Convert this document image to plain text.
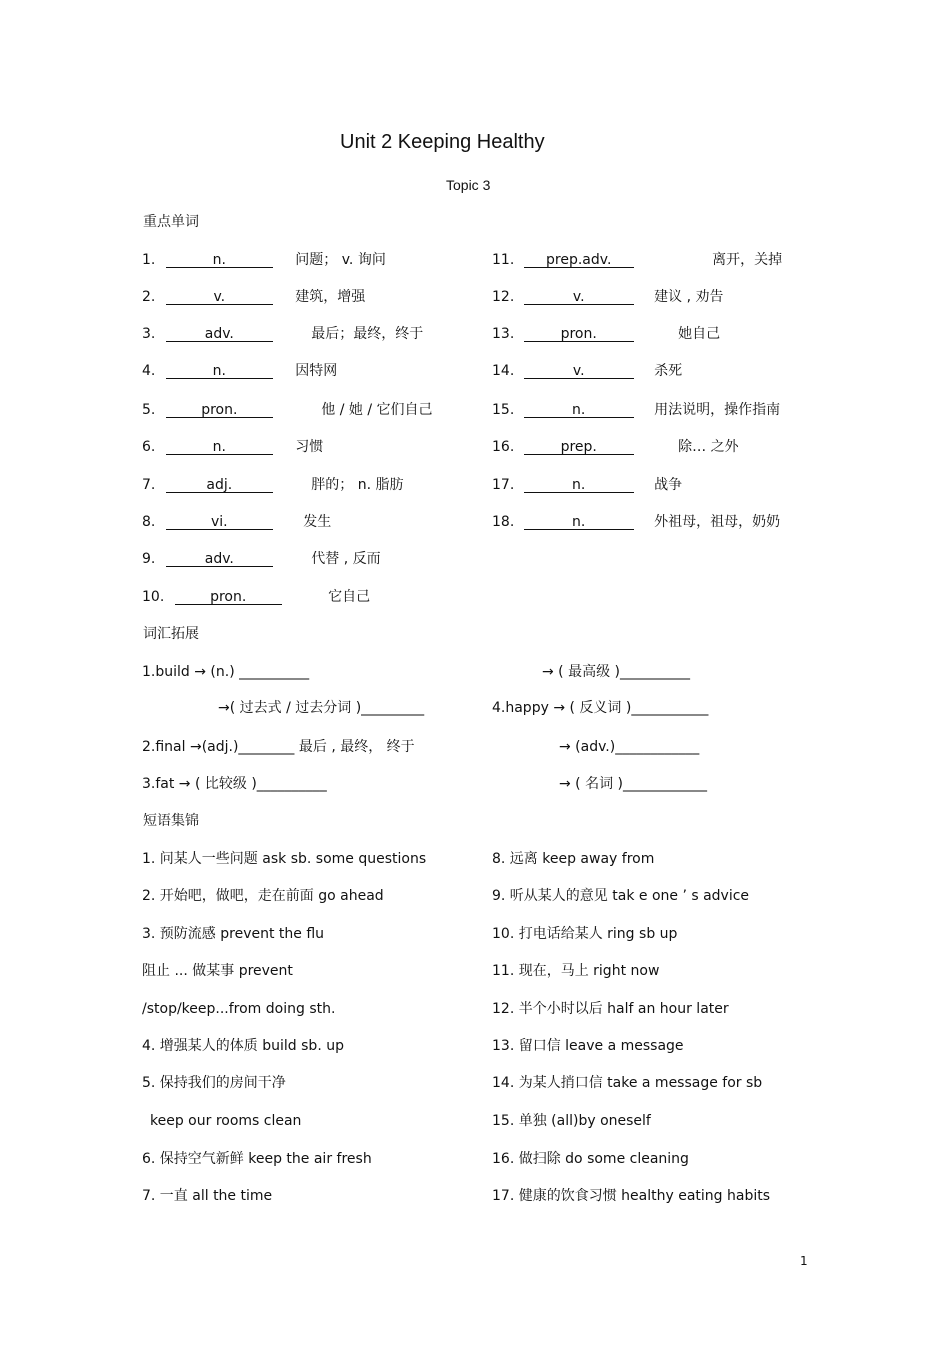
Unit 2 Keeping Healthy
Topic 3
重点单词
1.	n.	问题； v. 询问
2.	v.	建筑，增强
3.	adv.	最后；最终，终于
4.	n.	因特网
5.	pron.	他 / 她 / 它们自己
6.	n.	习惯
7.	adj.	胖的； n. 脂肪
8.	vi.	发生
9.	adv.	代替 , 反而
10.	pron.	它自己
11. prep.adv.	离开，关掉
12.	v.	建议 , 劝告
13.	pron.	她自己
14.	v.	杀死
15.	n.	用法说明，操作指南
16.	prep.	除… 之外
17.	n.	战争
18.	n.	外祖母，祖母，奶奶
词汇拓展
1.build → (n.) __________	→ ( 最高级 )__________
→( 过去式 / 过去分词 )_________	4.happy → ( 反义词 )___________
2.final →(adj.)________ 最后 , 最终， 终于	→ (adv.)____________
3.fat → ( 比较级 )__________	→ ( 名词 )____________
短语集锦
1. 问某人一些问题 ask sb. some questions
2. 开始吧，做吧，走在前面 go ahead
3. 预防流感 prevent the flu
阻止 ... 做某事 prevent
/stop/keep...from doing sth.
4. 增强某人的体质 build sb. up
5. 保持我们的房间干净
keep our rooms clean
6. 保持空气新鲜 keep the air fresh
7. 一直 all the time
8. 远离 keep away from
9. 听从某人的意见 tak e one ’ s advice
10. 打电话给某人 ring sb up
11. 现在，马上 right now
12. 半个小时以后 half an hour later
13. 留口信 leave a message
14. 为某人捎口信 take a message for sb
15. 单独 (all)by oneself
16. 做扫除 do some cleaning
17. 健康的饮食习惯 healthy eating habits
1
